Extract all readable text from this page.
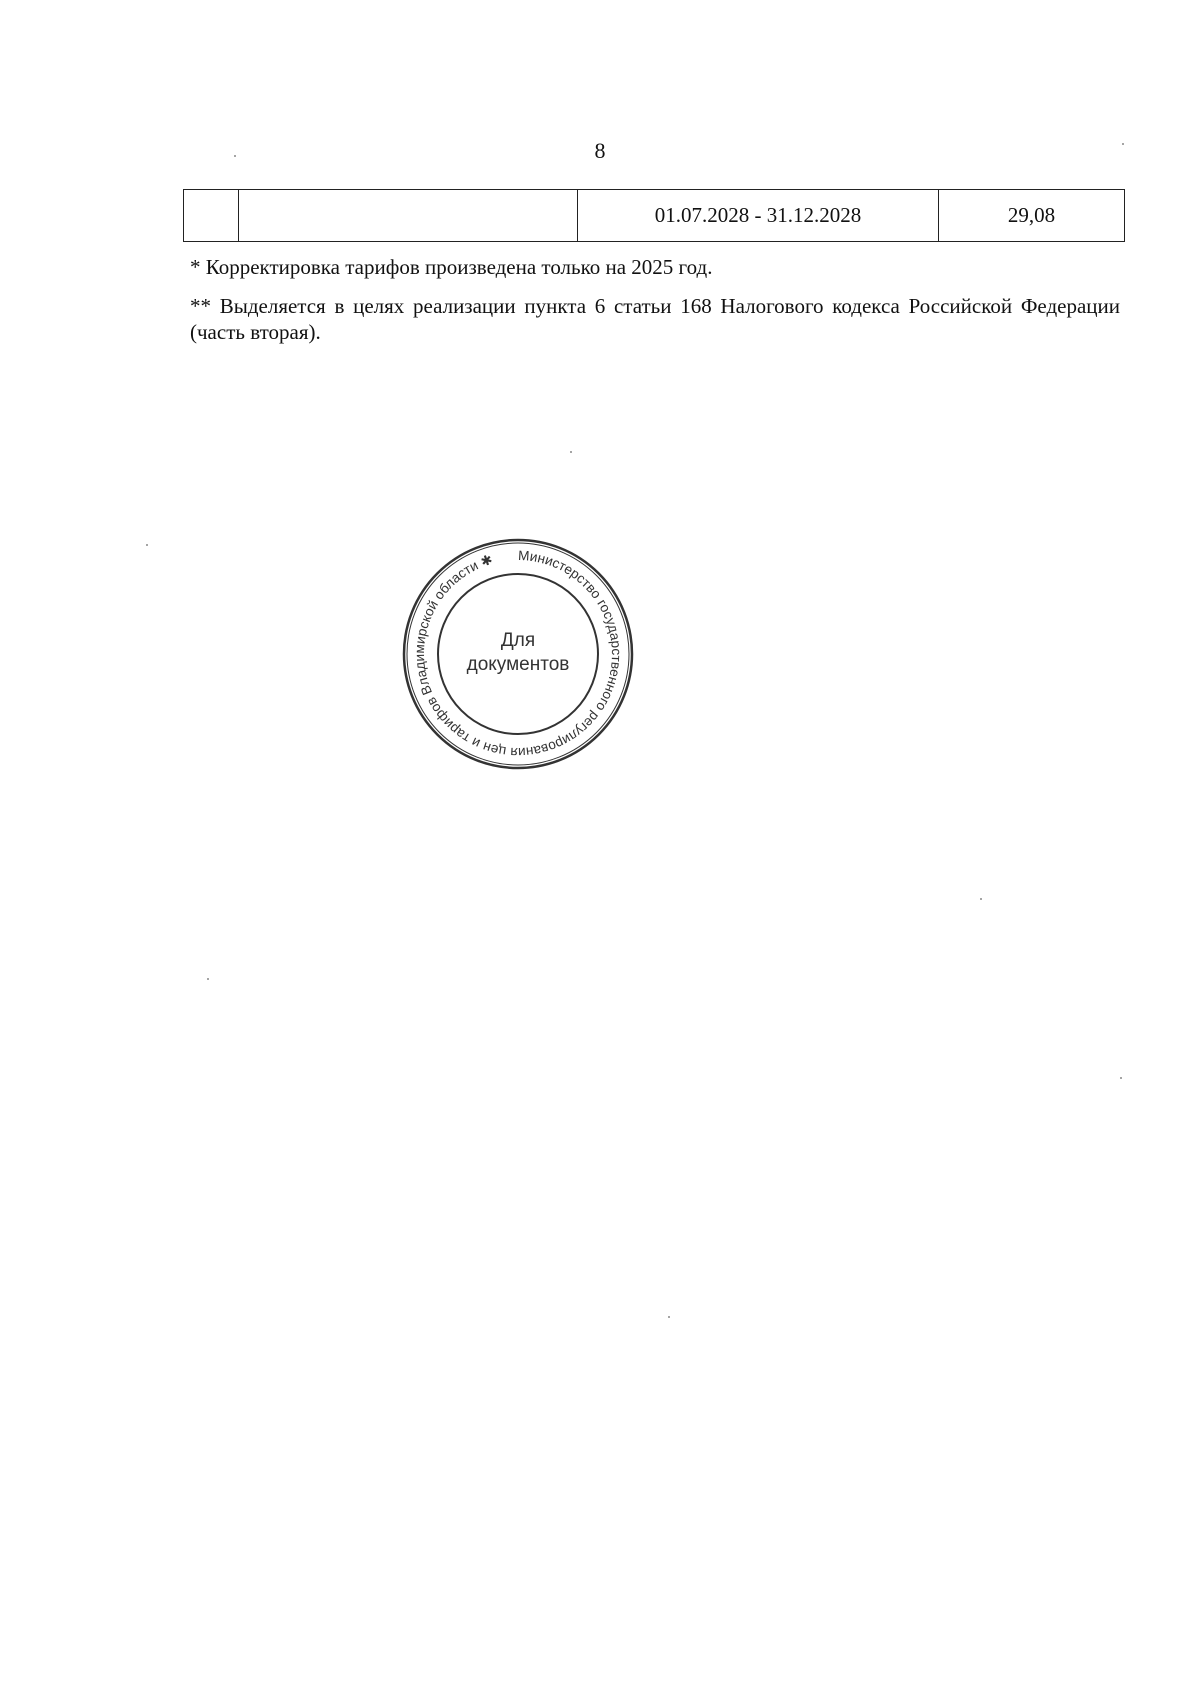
8
		01.07.2028 - 31.12.2028	29,08
* Корректировка тарифов произведена только на 2025 год.
** Выделяется в целях реализации пункта 6 статьи 168 Налогового кодекса Российской Федерации (часть вторая).
Министерство государственного регулирования цен и тарифов Владимирской области ✱
Для
документов
